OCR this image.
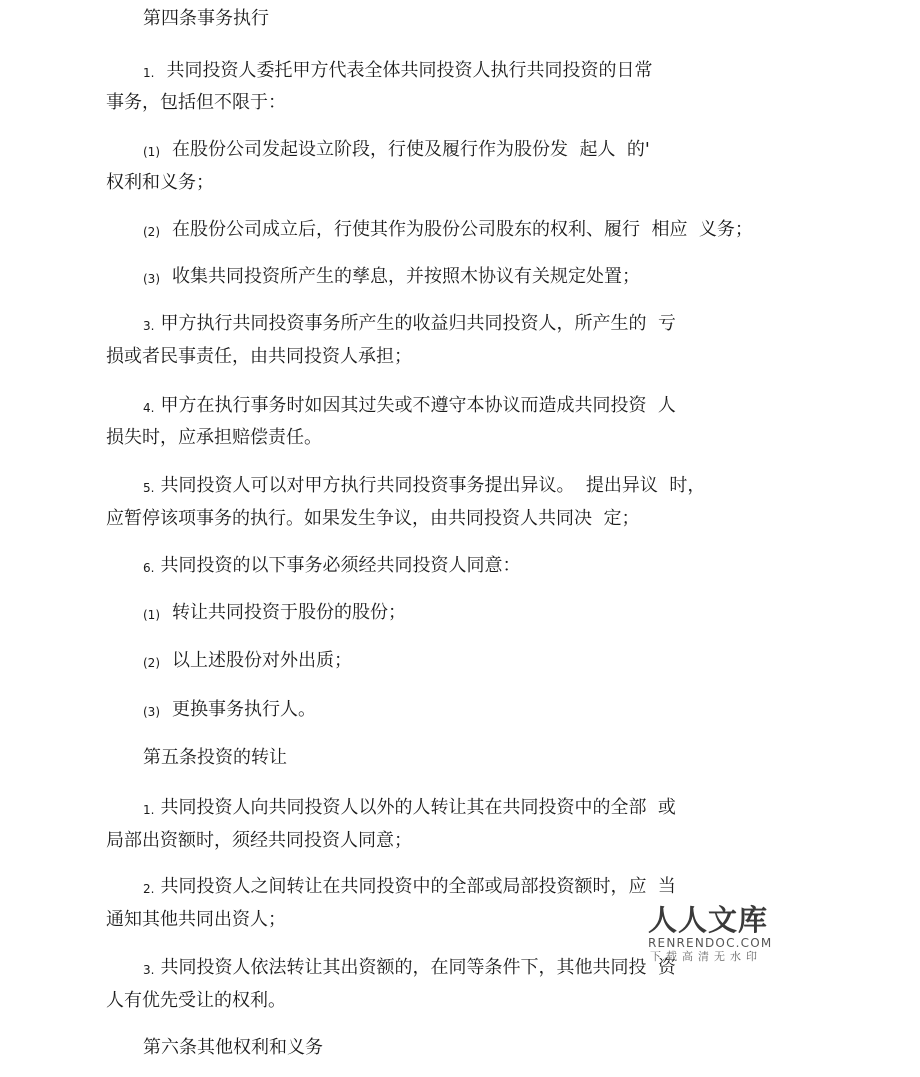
第四条事务执行
1. 共同投资人委托甲方代表全体共同投资人执行共同投资的日常
事务，包括但不限于：
(1) 在股份公司发起设立阶段，行使及履行作为股份发  起人  的'
权利和义务；
(2) 在股份公司成立后，行使其作为股份公司股东的权利、履行  相应  义务；
(3) 收集共同投资所产生的孳息，并按照木协议有关规定处置；
3. 甲方执行共同投资事务所产生的收益归共同投资人，所产生的  亏
损或者民事责任，由共同投资人承担；
4. 甲方在执行事务时如因其过失或不遵守本协议而造成共同投资  人
损失时，应承担赔偿责任。
5. 共同投资人可以对甲方执行共同投资事务提出异议。  提出异议  时，
应暂停该项事务的执行。如果发生争议，由共同投资人共同决  定；
6. 共同投资的以下事务必须经共同投资人同意：
(1) 转让共同投资于股份的股份；
(2) 以上述股份对外出质；
(3) 更换事务执行人。
第五条投资的转让
1. 共同投资人向共同投资人以外的人转让其在共同投资中的全部  或
局部出资额时，须经共同投资人同意；
2. 共同投资人之间转让在共同投资中的全部或局部投资额时，应  当
通知其他共同出资人；
3. 共同投资人依法转让其出资额的，在同等条件下，其他共同投  资
人有优先受让的权利。
第六条其他权利和义务
人人文库
RENRENDOC.COM
下载高清无水印
